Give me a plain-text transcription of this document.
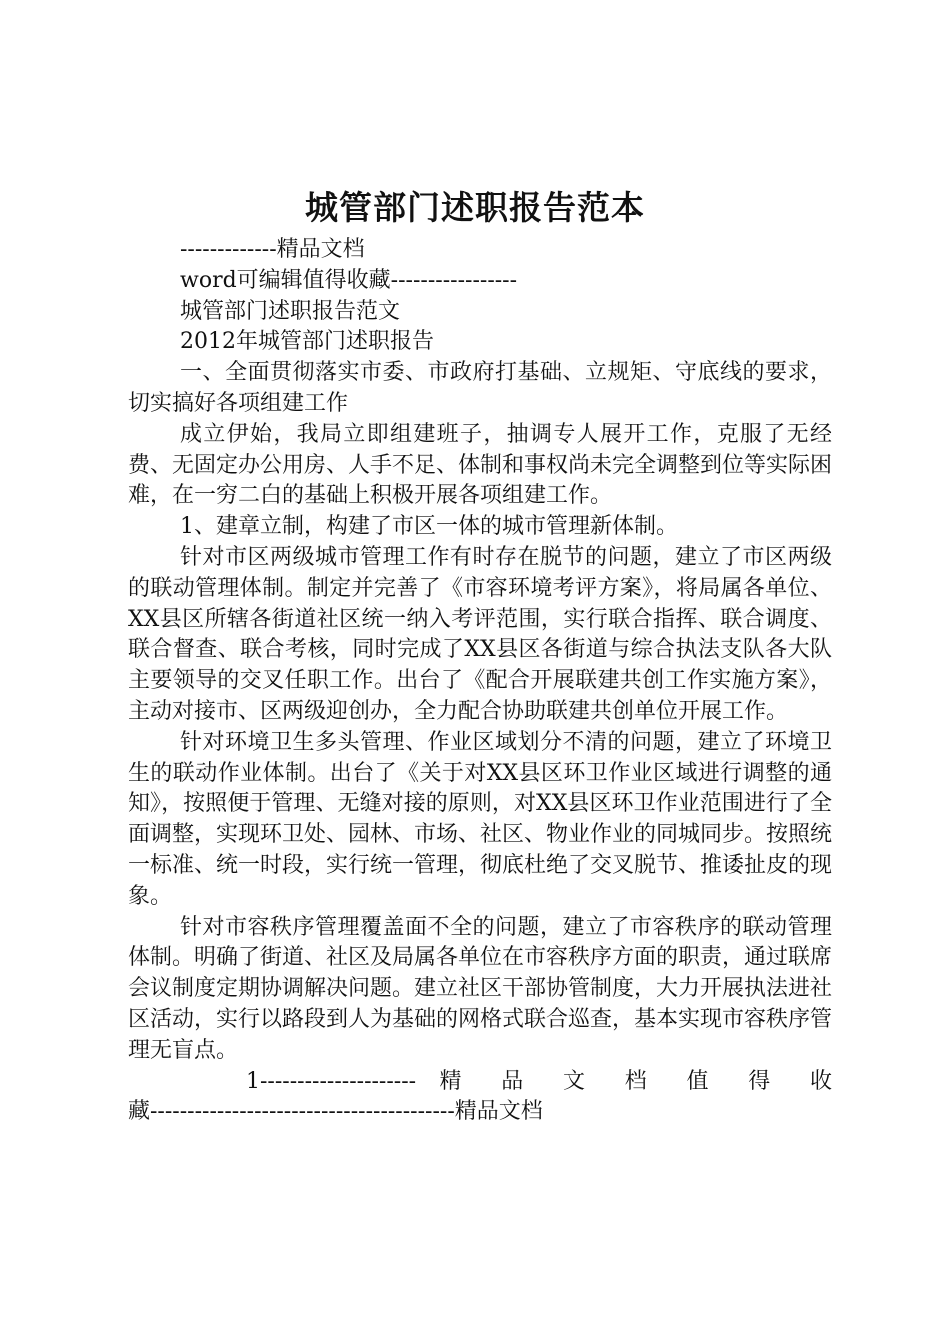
城管部门述职报告范本

-------------精品文档

word可编辑值得收藏-----------------

城管部门述职报告范文

2012年城管部门述职报告

一、全面贯彻落实市委、市政府打基础、立规矩、守底线的要求，切实搞好各项组建工作

成立伊始，我局立即组建班子，抽调专人展开工作，克服了无经费、无固定办公用房、人手不足、体制和事权尚未完全调整到位等实际困难，在一穷二白的基础上积极开展各项组建工作。

1、建章立制，构建了市区一体的城市管理新体制。

针对市区两级城市管理工作有时存在脱节的问题，建立了市区两级的联动管理体制。制定并完善了《市容环境考评方案》，将局属各单位、XX县区所辖各街道社区统一纳入考评范围，实行联合指挥、联合调度、联合督查、联合考核，同时完成了XX县区各街道与综合执法支队各大队主要领导的交叉任职工作。出台了《配合开展联建共创工作实施方案》，主动对接市、区两级迎创办，全力配合协助联建共创单位开展工作。

针对环境卫生多头管理、作业区域划分不清的问题，建立了环境卫生的联动作业体制。出台了《关于对XX县区环卫作业区域进行调整的通知》，按照便于管理、无缝对接的原则，对XX县区环卫作业范围进行了全面调整，实现环卫处、园林、市场、社区、物业作业的同城同步。按照统一标准、统一时段，实行统一管理，彻底杜绝了交叉脱节、推诿扯皮的现象。

针对市容秩序管理覆盖面不全的问题，建立了市容秩序的联动管理体制。明确了街道、社区及局属各单位在市容秩序方面的职责，通过联席会议制度定期协调解决问题。建立社区干部协管制度，大力开展执法进社区活动，实行以路段到人为基础的网格式联合巡查，基本实现市容秩序管理无盲点。

1--------------------- 精 品 文 档 值 得 收

藏-----------------------------------------精品文档
